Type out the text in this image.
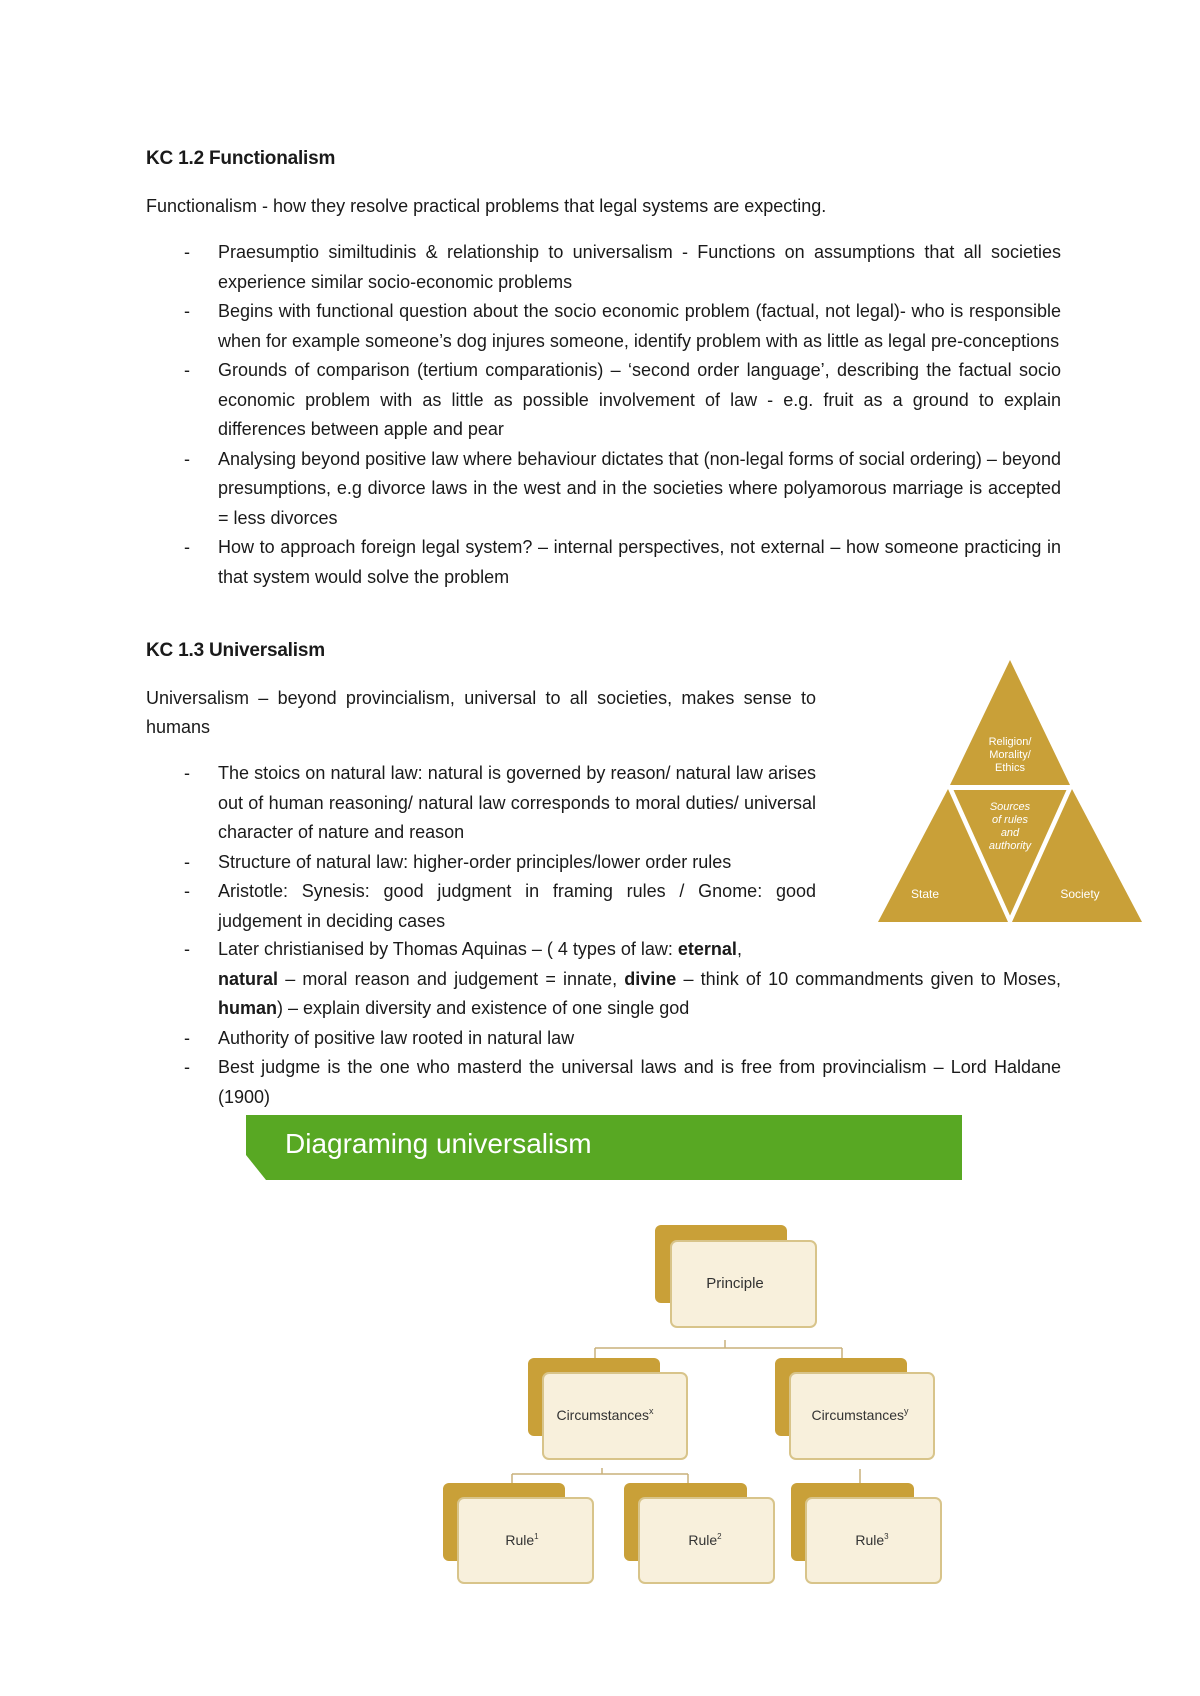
KC 1.2 Functionalism
Functionalism - how they resolve practical problems that legal systems are expecting.
- Praesumptio similtudinis & relationship to universalism - Functions on assumptions that all societies experience similar socio-economic problems
- Begins with functional question about the socio economic problem (factual, not legal)- who is responsible when for example someone’s dog injures someone, identify problem with as little as legal pre-conceptions
- Grounds of comparison (tertium comparationis) – ‘second order language’, describing the factual socio economic problem with as little as possible involvement of law - e.g. fruit as a ground to explain differences between apple and pear
- Analysing beyond positive law where behaviour dictates that (non-legal forms of social ordering) – beyond presumptions, e.g divorce laws in the west and in the societies where polyamorous marriage is accepted = less divorces
- How to approach foreign legal system? – internal perspectives, not external – how someone practicing in that system would solve the problem
KC 1.3 Universalism
Universalism – beyond provincialism, universal to all societies, makes sense to humans
- The stoics on natural law: natural is governed by reason/ natural law arises out of human reasoning/ natural law corresponds to moral duties/ universal character of nature and reason
- Structure of natural law: higher-order principles/lower order rules
- Aristotle: Synesis: good judgment in framing rules / Gnome: good judgement in deciding cases
- Later christianised by Thomas Aquinas – ( 4 types of law: eternal,
natural – moral reason and judgement = innate, divine – think of 10 commandments given to Moses, human) – explain diversity and existence of one single god
- Authority of positive law rooted in natural law
- Best judgme is the one who masterd the universal laws and is free from provincialism – Lord Haldane (1900)
Religion/
Morality/
Ethics
Sources
of rules
and
authority
State	Society
Diagraming universalism
Principle
Circumstances$^x$	Circumstances$^y$
Rule$^1$	Rule$^2$	Rule$^3$
